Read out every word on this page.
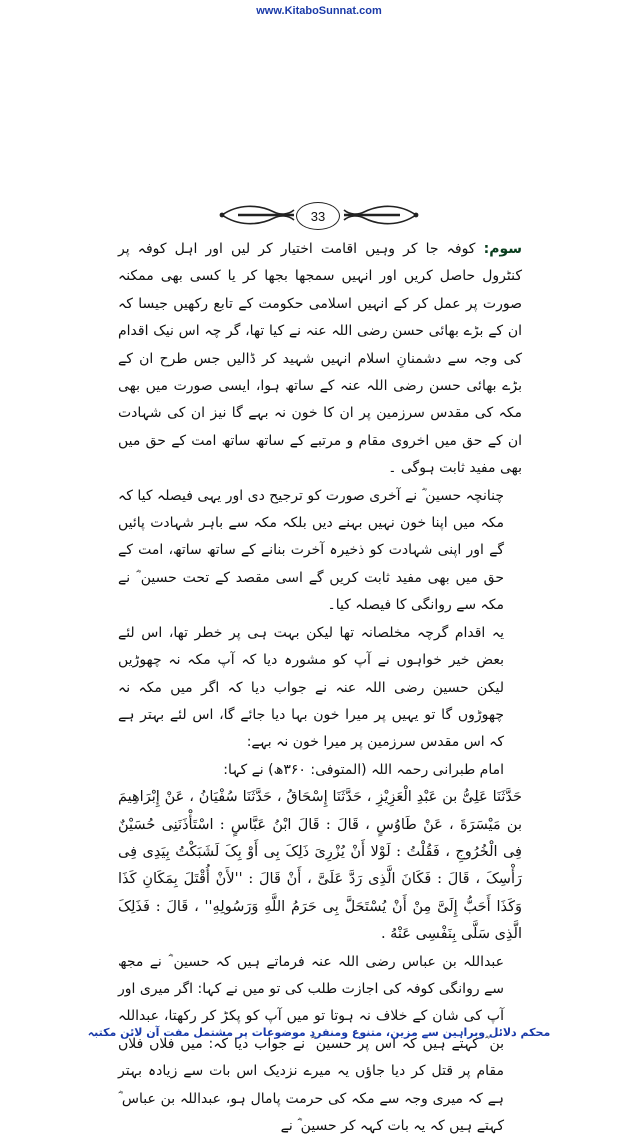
www.KitaboSunnat.com
33

سوم: کوفہ جا کر وہیں اقامت اختیار کر لیں اور اہل کوفہ پر کنٹرول حاصل کریں اور انہیں سمجھا بجھا کر یا کسی بھی ممکنہ صورت پر عمل کر کے انہیں اسلامی حکومت کے تابع رکھیں جیسا کہ ان کے بڑے بھائی حسن رضی اللہ عنہ نے کیا تھا، گر چہ اس نیک اقدام کی وجہ سے دشمنانِ اسلام انہیں شہید کر ڈالیں جس طرح ان کے بڑے بھائی حسن رضی اللہ عنہ کے ساتھ ہوا، ایسی صورت میں بھی مکہ کی مقدس سرزمین پر ان کا خون نہ بہے گا نیز ان کی شہادت ان کے حق میں اخروی مقام و مرتبے کے ساتھ ساتھ امت کے حق میں بھی مفید ثابت ہوگی ۔

چنانچہ حسین ؓ نے آخری صورت کو ترجیح دی اور یہی فیصلہ کیا کہ مکہ میں اپنا خون نہیں بہنے دیں بلکہ مکہ سے باہر شہادت پائیں گے اور اپنی شہادت کو ذخیرہ آخرت بنانے کے ساتھ ساتھ، امت کے حق میں بھی مفید ثابت کریں گے اسی مقصد کے تحت حسین ؓ نے مکہ سے روانگی کا فیصلہ کیا۔

یہ اقدام گرچہ مخلصانہ تھا لیکن بہت ہی پر خطر تھا، اس لئے بعض خیر خواہوں نے آپ کو مشورہ دیا کہ آپ مکہ نہ چھوڑیں لیکن حسین رضی اللہ عنہ نے جواب دیا کہ اگر میں مکہ نہ چھوڑوں گا تو یہیں پر میرا خون بہا دیا جائے گا، اس لئے بہتر ہے کہ اس مقدس سرزمین پر میرا خون نہ بہے:

امام طبرانی رحمہ اللہ (المتوفی: ۳۶۰ھ) نے کہا:

حَدَّثَنَا عَلِیُّ بن عَبْدِ الْعَزِیْزِ ، حَدَّثَنَا إِسْحَاقُ ، حَدَّثَنَا سُفْیَانُ ، عَنْ إِبْرَاهِیمَ بن مَیْسَرَةَ ، عَنْ طَاوُسٍ ، قَالَ : قَالَ ابْنُ عَبَّاسٍ : اسْتَأْذَنَنِی حُسَیْنٌ فِی الْخُرُوجِ ، فَقُلْتُ : لَوْلا أَنْ یُزْرِیَ ذَلِکَ بِی أَوْ بِکَ لَشَبَکْتُ بِیَدِی فِی رَأْسِکَ ، قَالَ : فَکَانَ الَّذِی رَدَّ عَلَیَّ ، أَنْ قَالَ : ''لأَنْ أُقْتَلَ بِمَکَانِ کَذَا وَکَذَا أَحَبُّ إِلَیَّ مِنْ أَنْ یُسْتَحَلَّ بِی حَرَمُ اللَّهِ وَرَسُولِهِ'' ، قَالَ : فَذَلِکَ الَّذِی سَلَّى بِنَفْسِی عَنْهُ .

عبداللہ بن عباس رضی اللہ عنہ فرماتے ہیں کہ حسین ؓ نے مجھ سے روانگی کوفہ کی اجازت طلب کی تو میں نے کہا: اگر میری اور آپ کی شان کے خلاف نہ ہوتا تو میں آپ کو پکڑ کر رکھتا، عبداللہ بن ؓ کہتے ہیں کہ اس پر حسین ؓ نے جواب دیا کہ: میں فلاں فلاں مقام پر قتل کر دیا جاؤں یہ میرے نزدیک اس بات سے زیادہ بہتر ہے کہ میری وجہ سے مکہ کی حرمت پامال ہو، عبداللہ بن عباس ؓ کہتے ہیں کہ یہ بات کہہ کر حسین ؓ نے

محکم دلائل وبراہین سے مزین، متنوع ومنفرد موضوعات پر مشتمل مفت آن لائن مکتبہ
